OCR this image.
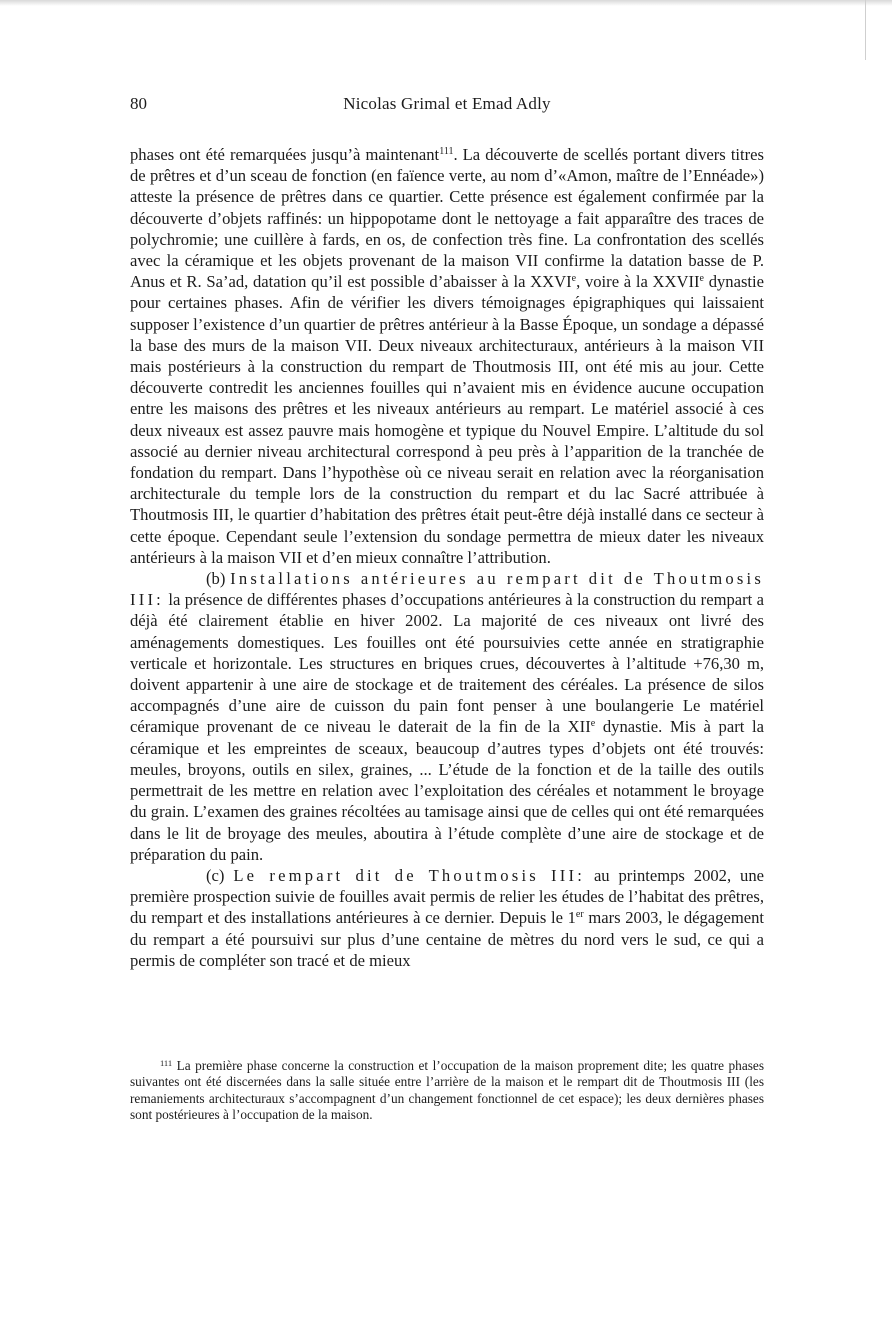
80	Nicolas Grimal et Emad Adly

phases ont été remarquées jusqu’à maintenant$^{111}$. La découverte de scellés portant divers titres de prêtres et d’un sceau de fonction (en faïence verte, au nom d’«Amon, maître de l’Ennéade») atteste la présence de prêtres dans ce quartier. Cette présence est également confirmée par la découverte d’objets raffinés: un hippopotame dont le nettoyage a fait apparaître des traces de polychromie; une cuillère à fards, en os, de confection très fine. La confrontation des scellés avec la céramique et les objets provenant de la maison VII confirme la datation basse de P. Anus et R. Sa’ad, datation qu’il est possible d’abaisser à la XXVIe, voire à la XXVIIe dynastie pour certaines phases. Afin de vérifier les divers témoignages épigraphiques qui laissaient supposer l’existence d’un quartier de prêtres antérieur à la Basse Époque, un sondage a dépassé la base des murs de la maison VII. Deux niveaux architecturaux, antérieurs à la maison VII mais postérieurs à la construction du rempart de Thoutmosis III, ont été mis au jour. Cette découverte contredit les anciennes fouilles qui n’avaient mis en évidence aucune occupation entre les maisons des prêtres et les niveaux antérieurs au rempart. Le matériel associé à ces deux niveaux est assez pauvre mais homogène et typique du Nouvel Empire. L’altitude du sol associé au dernier niveau architectural correspond à peu près à l’apparition de la tranchée de fondation du rempart. Dans l’hypothèse où ce niveau serait en relation avec la réorganisation architecturale du temple lors de la construction du rempart et du lac Sacré attribuée à Thoutmosis III, le quartier d’habitation des prêtres était peut-être déjà installé dans ce secteur à cette époque. Cependant seule l’extension du sondage permettra de mieux dater les niveaux antérieurs à la maison VII et d’en mieux connaître l’attribution.

(b) Installations antérieures au rempart dit de Thoutmosis III: la présence de différentes phases d’occupations antérieures à la construction du rempart a déjà été clairement établie en hiver 2002. La majorité de ces niveaux ont livré des aménagements domestiques. Les fouilles ont été poursuivies cette année en stratigraphie verticale et horizontale. Les structures en briques crues, découvertes à l’altitude +76,30 m, doivent appartenir à une aire de stockage et de traitement des céréales. La présence de silos accompagnés d’une aire de cuisson du pain font penser à une boulangerie Le matériel céramique provenant de ce niveau le daterait de la fin de la XIIe dynastie. Mis à part la céramique et les empreintes de sceaux, beaucoup d’autres types d’objets ont été trouvés: meules, broyons, outils en silex, graines, ... L’étude de la fonction et de la taille des outils permettrait de les mettre en relation avec l’exploitation des céréales et notamment le broyage du grain. L’examen des graines récoltées au tamisage ainsi que de celles qui ont été remarquées dans le lit de broyage des meules, aboutira à l’étude complète d’une aire de stockage et de préparation du pain.

(c) Le rempart dit de Thoutmosis III: au printemps 2002, une première prospection suivie de fouilles avait permis de relier les études de l’habitat des prêtres, du rempart et des installations antérieures à ce dernier. Depuis le 1er mars 2003, le dégagement du rempart a été poursuivi sur plus d’une centaine de mètres du nord vers le sud, ce qui a permis de compléter son tracé et de mieux

$^{111}$ La première phase concerne la construction et l’occupation de la maison proprement dite; les quatre phases suivantes ont été discernées dans la salle située entre l’arrière de la maison et le rempart dit de Thoutmosis III (les remaniements architecturaux s’accompagnent d’un changement fonctionnel de cet espace); les deux dernières phases sont postérieures à l’occupation de la maison.
